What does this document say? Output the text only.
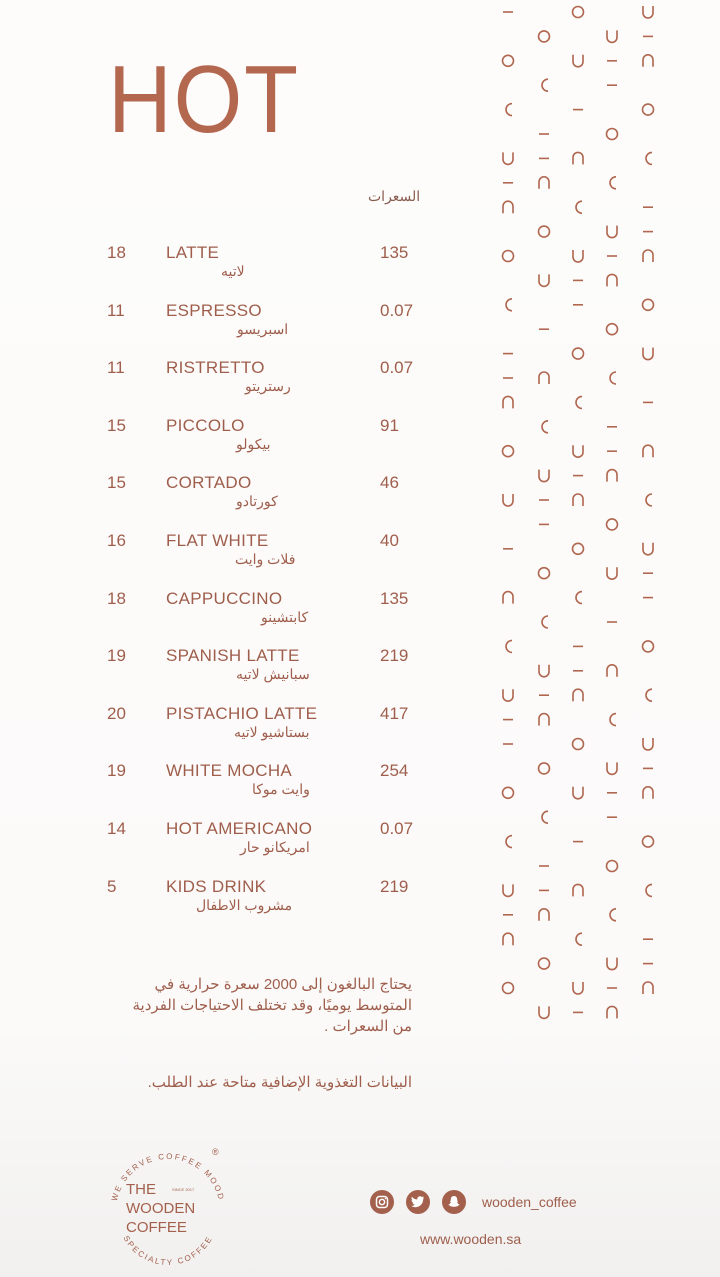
HOT
السعرات
18 LATTE
لاتيه
135
11 ESPRESSO
اسبريسو
0.07
11 RISTRETTO
رستريتو
0.07
15 PICCOLO
بيكولو
91
15 CORTADO
كورتادو
46
16 FLAT WHITE
فلات وايت
40
18 CAPPUCCINO
كابتشينو
135
19 SPANISH LATTE
سبانيش لاتيه
219
20 PISTACHIO LATTE
بستاشيو لاتيه
417
19 WHITE MOCHA
وايت موكا
254
14 HOT AMERICANO
امريكانو حار
0.07
5	KIDS DRINK
مشروب الاطفال
219
يحتاج البالغون إلى 2000 سعرة حرارية في المتوسط يوميًا، وقد تختلف الاحتياجات الفردية من السعرات .
البيانات التغذوية الإضافية متاحة عند الطلب.
WE SERVE COFFEE MOOD
SPECIALTY COFFEE
®
THE	SINCE 2017
WOODEN
COFFEE
wooden_coffee
www.wooden.sa
